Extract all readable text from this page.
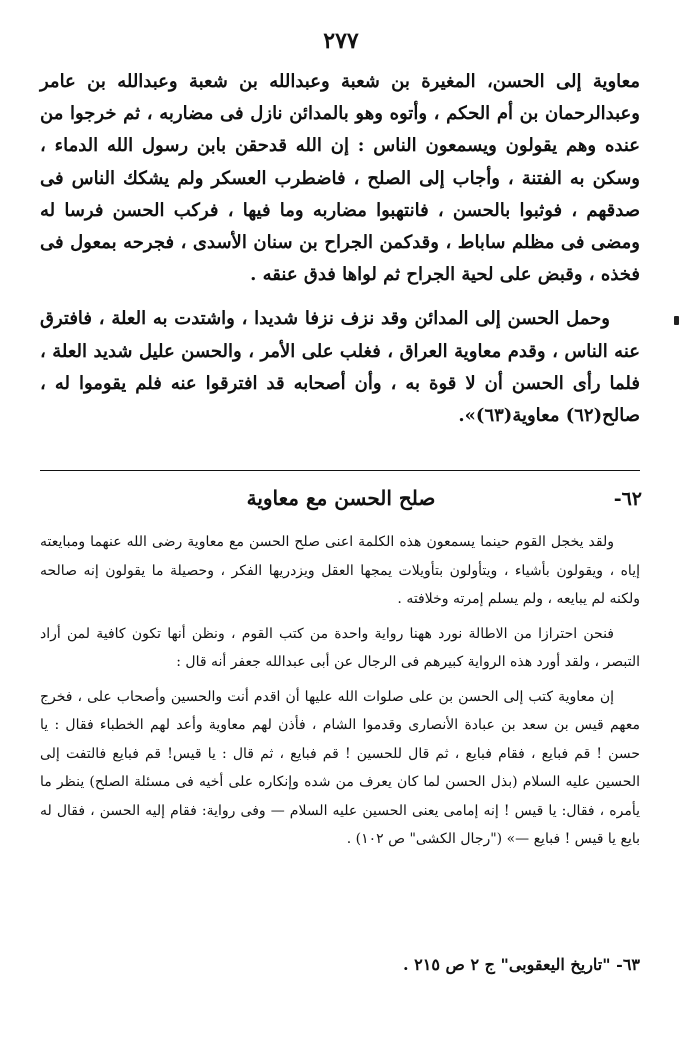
٢٧٧

معاوية إلى الحسن، المغيرة بن شعبة وعبدالله بن شعبة وعبدالله بن عامر وعبدالرحمان بن أم الحكم ، وأتوه وهو بالمدائن نازل فى مضاربه ، ثم خرجوا من عنده وهم يقولون ويسمعون الناس : إن الله قدحقن بابن رسول الله الدماء ، وسكن به الفتنة ، وأجاب إلى الصلح ، فاضطرب العسكر ولم يشكك الناس فى صدقهم ، فوثبوا بالحسن ، فانتهبوا مضاربه وما فيها ، فركب الحسن فرسا له ومضى فى مظلم ساباط ، وقدكمن الجراح بن سنان الأسدى ، فجرحه بمعول فى فخذه ، وقبض على لحية الجراح ثم لواها فدق عنقه .

وحمل الحسن إلى المدائن وقد نزف نزفا شديدا ، واشتدت به العلة ، فافترق عنه الناس ، وقدم معاوية العراق ، فغلب على الأمر ، والحسن عليل شديد العلة ، فلما رأى الحسن أن لا قوة به ، وأن أصحابه قد افترقوا عنه فلم يقوموا له ، صالح(٦٢) معاوية(٦٣)».

٦٢-
صلح الحسن مع معاوية

ولقد يخجل القوم حينما يسمعون هذه الكلمة اعنى صلح الحسن مع معاوية رضى الله عنهما ومبايعته إياه ، ويقولون بأشياء ، ويتأولون بتأويلات يمجها العقل ويزدريها الفكر ، وحصيلة ما يقولون إنه صالحه ولكنه لم يبايعه ، ولم يسلم إمرته وخلافته .

فنحن احترازا من الاطالة نورد ههنا رواية واحدة من كتب القوم ، ونظن أنها تكون كافية لمن أراد التبصر ، ولقد أورد هذه الرواية كبيرهم فى الرجال عن أبى عبدالله جعفر أنه قال :

إن معاوية كتب إلى الحسن بن على صلوات الله عليها أن اقدم أنت والحسين وأصحاب على ، فخرج معهم قيس بن سعد بن عبادة الأنصارى وقدموا الشام ، فأذن لهم معاوية وأعد لهم الخطباء فقال : يا حسن ! قم فبايع ، فقام فبايع ، ثم قال للحسين ! قم فبايع ، ثم قال : يا قيس! قم فبايع فالتفت إلى الحسين عليه السلام (بذل الحسن لما كان يعرف من شده وإنكاره على أخيه فى مسئلة الصلح) ينظر ما يأمره ، فقال: يا قيس ! إنه إمامى يعنى الحسين عليه السلام — وفى رواية: فقام إليه الحسن ، فقال له بايع يا قيس ! فبايع —» ("رجال الكشى" ص ١٠٢) .

٦٣- "تاريخ اليعقوبى" ج ٢ ص ٢١٥ .
